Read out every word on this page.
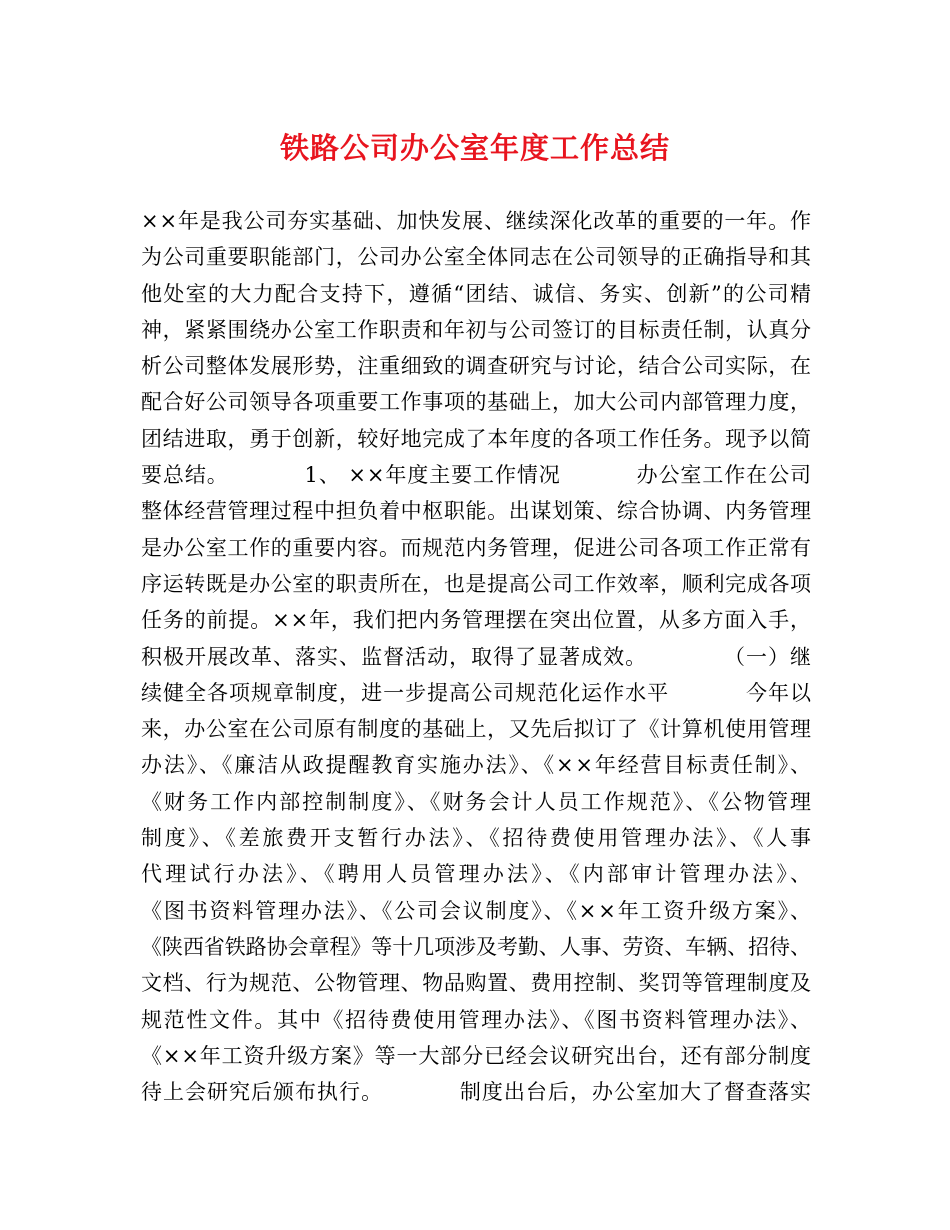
铁路公司办公室年度工作总结
××年是我公司夯实基础、加快发展、继续深化改革的重要的一年。作
为公司重要职能部门，公司办公室全体同志在公司领导的正确指导和其
他处室的大力配合支持下，遵循“团结、诚信、务实、创新”的公司精
神，紧紧围绕办公室工作职责和年初与公司签订的目标责任制，认真分
析公司整体发展形势，注重细致的调查研究与讨论，结合公司实际，在
配合好公司领导各项重要工作事项的基础上，加大公司内部管理力度，
团结进取，勇于创新，较好地完成了本年度的各项工作任务。现予以简
要总结。          1、 ××年度主要工作情况          办公室工作在公司
整体经营管理过程中担负着中枢职能。出谋划策、综合协调、内务管理
是办公室工作的重要内容。而规范内务管理，促进公司各项工作正常有
序运转既是办公室的职责所在，也是提高公司工作效率，顺利完成各项
任务的前提。××年，我们把内务管理摆在突出位置，从多方面入手，
积极开展改革、落实、监督活动，取得了显著成效。          （一）继
续健全各项规章制度，进一步提高公司规范化运作水平          今年以
来，办公室在公司原有制度的基础上，又先后拟订了《计算机使用管理
办法》、《廉洁从政提醒教育实施办法》、《××年经营目标责任制》、
《财务工作内部控制制度》、《财务会计人员工作规范》、《公物管理
制度》、《差旅费开支暂行办法》、《招待费使用管理办法》、《人事
代理试行办法》、《聘用人员管理办法》、《内部审计管理办法》、
《图书资料管理办法》、《公司会议制度》、《××年工资升级方案》、
《陕西省铁路协会章程》等十几项涉及考勤、人事、劳资、车辆、招待、
文档、行为规范、公物管理、物品购置、费用控制、奖罚等管理制度及
规范性文件。其中《招待费使用管理办法》、《图书资料管理办法》、
《××年工资升级方案》等一大部分已经会议研究出台，还有部分制度
待上会研究后颁布执行。          制度出台后，办公室加大了督查落实
